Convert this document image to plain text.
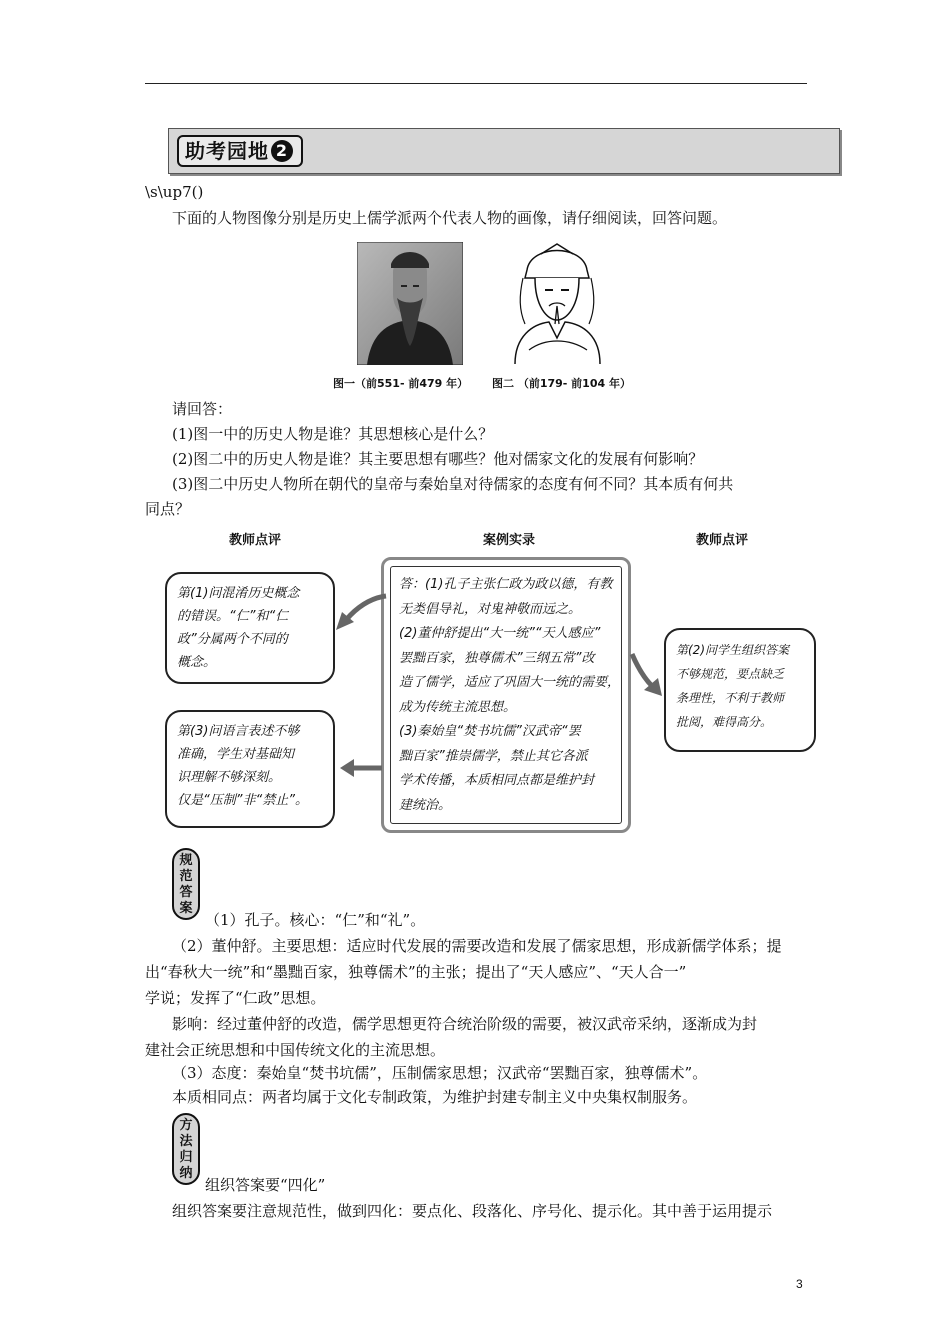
助考园地 2
\s\up7()
下面的人物图像分别是历史上儒学派两个代表人物的画像，请仔细阅读，回答问题。
图一（前551- 前479 年） 图二 （前179- 前104 年）
请回答：
(1)图一中的历史人物是谁？其思想核心是什么？
(2)图二中的历史人物是谁？其主要思想有哪些？他对儒家文化的发展有何影响？
(3)图二中历史人物所在朝代的皇帝与秦始皇对待儒家的态度有何不同？其本质有何共
同点？
教师点评	案例实录	教师点评
第(1)问混淆历史概念
的错误。“仁”和“仁
政”分属两个不同的
概念。
第(3)问语言表述不够
准确，学生对基础知
识理解不够深刻。
仅是“压制”非“禁止”。
答：(1)孔子主张仁政为政以德，有教
无类倡导礼，对鬼神敬而远之。
(2)董仲舒提出“大一统”“天人感应”
罢黜百家，独尊儒术”三纲五常”改
造了儒学，适应了巩固大一统的需要，
成为传统主流思想。
(3)秦始皇“焚书坑儒”汉武帝“罢
黜百家”推崇儒学，禁止其它各派
学术传播，本质相同点都是维护封
建统治。
第(2)问学生组织答案
不够规范，要点缺乏
条理性，不利于教师
批阅，难得高分。
规范答案
（1）孔子。核心：“仁”和“礼”。
（2）董仲舒。主要思想：适应时代发展的需要改造和发展了儒家思想，形成新儒学体系；提
出“春秋大一统”和“墨黜百家，独尊儒术”的主张；提出了“天人感应”、“天人合一”
学说；发挥了“仁政”思想。
影响：经过董仲舒的改造，儒学思想更符合统治阶级的需要，被汉武帝采纳，逐渐成为封
建社会正统思想和中国传统文化的主流思想。
（3）态度：秦始皇“焚书坑儒”，压制儒家思想；汉武帝“罢黜百家，独尊儒术”。
本质相同点：两者均属于文化专制政策，为维护封建专制主义中央集权制服务。
方法归纳
组织答案要“四化”
组织答案要注意规范性，做到四化：要点化、段落化、序号化、提示化。其中善于运用提示
3
